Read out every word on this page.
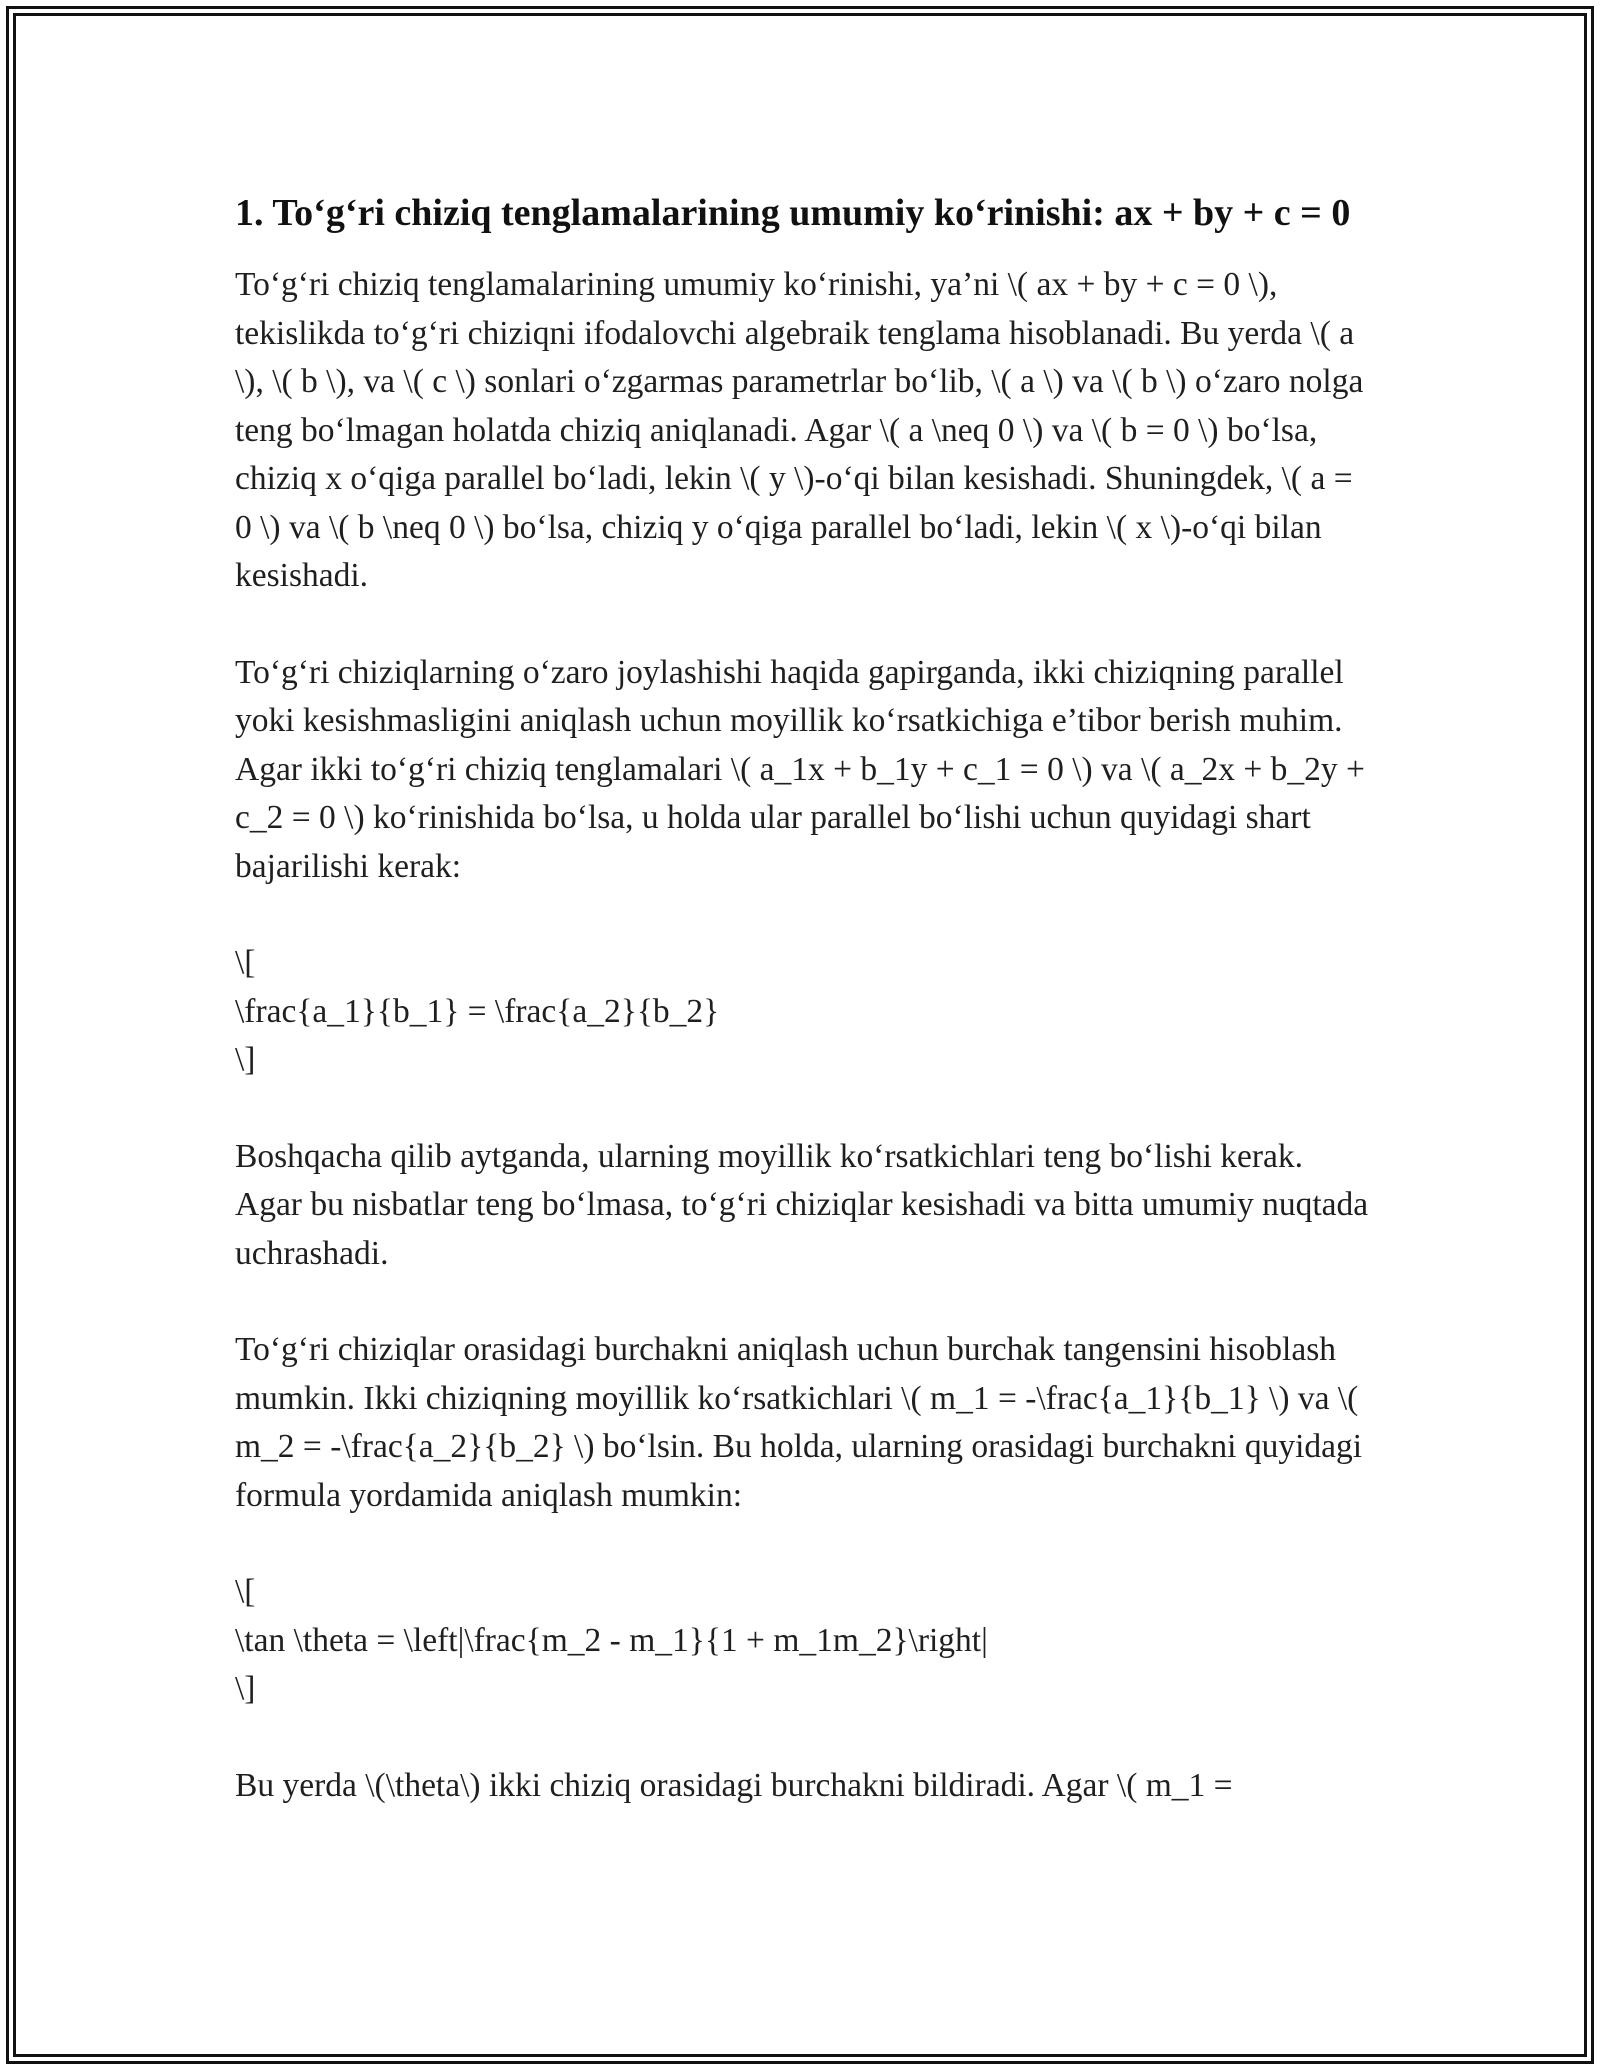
1. To‘g‘ri chiziq tenglamalarining umumiy ko‘rinishi: ax + by + c = 0

To‘g‘ri chiziq tenglamalarining umumiy ko‘rinishi, ya’ni \( ax + by + c = 0 \), tekislikda to‘g‘ri chiziqni ifodalovchi algebraik tenglama hisoblanadi. Bu yerda \( a \), \( b \), va \( c \) sonlari o‘zgarmas parametrlar bo‘lib, \( a \) va \( b \) o‘zaro nolga teng bo‘lmagan holatda chiziq aniqlanadi. Agar \( a \neq 0 \) va \( b = 0 \) bo‘lsa, chiziq x o‘qiga parallel bo‘ladi, lekin \( y \)-o‘qi bilan kesishadi. Shuningdek, \( a = 0 \) va \( b \neq 0 \) bo‘lsa, chiziq y o‘qiga parallel bo‘ladi, lekin \( x \)-o‘qi bilan kesishadi.

To‘g‘ri chiziqlarning o‘zaro joylashishi haqida gapirganda, ikki chiziqning parallel yoki kesishmasligini aniqlash uchun moyillik ko‘rsatkichiga e’tibor berish muhim. Agar ikki to‘g‘ri chiziq tenglamalari \( a_1x + b_1y + c_1 = 0 \) va \( a_2x + b_2y + c_2 = 0 \) ko‘rinishida bo‘lsa, u holda ular parallel bo‘lishi uchun quyidagi shart bajarilishi kerak:

\[
\frac{a_1}{b_1} = \frac{a_2}{b_2}
\]

Boshqacha qilib aytganda, ularning moyillik ko‘rsatkichlari teng bo‘lishi kerak. Agar bu nisbatlar teng bo‘lmasa, to‘g‘ri chiziqlar kesishadi va bitta umumiy nuqtada uchrashadi.

To‘g‘ri chiziqlar orasidagi burchakni aniqlash uchun burchak tangensini hisoblash mumkin. Ikki chiziqning moyillik ko‘rsatkichlari \( m_1 = -\frac{a_1}{b_1} \) va \( m_2 = -\frac{a_2}{b_2} \) bo‘lsin. Bu holda, ularning orasidagi burchakni quyidagi formula yordamida aniqlash mumkin:

\[
\tan \theta = \left|\frac{m_2 - m_1}{1 + m_1m_2}\right|
\]

Bu yerda \(\theta\) ikki chiziq orasidagi burchakni bildiradi. Agar \( m_1 =
